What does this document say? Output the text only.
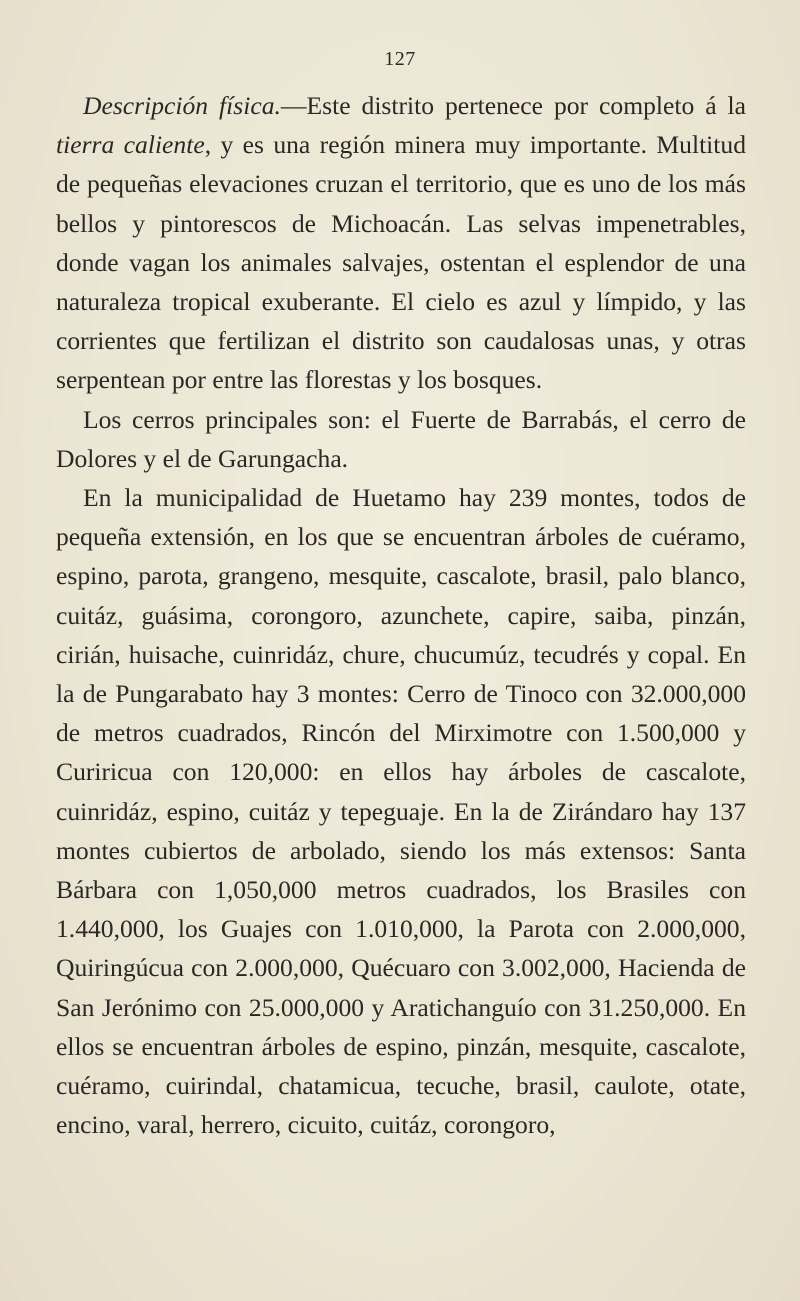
127

Descripción física.—Este distrito pertenece por completo á la tierra caliente, y es una región minera muy importante. Multitud de pequeñas elevaciones cruzan el territorio, que es uno de los más bellos y pintorescos de Michoacán. Las selvas impenetrables, donde vagan los animales salvajes, ostentan el esplendor de una naturaleza tropical exuberante. El cielo es azul y límpido, y las corrientes que fertilizan el distrito son caudalosas unas, y otras serpentean por entre las florestas y los bosques.

Los cerros principales son: el Fuerte de Barrabás, el cerro de Dolores y el de Garungacha.

En la municipalidad de Huetamo hay 239 montes, todos de pequeña extensión, en los que se encuentran árboles de cuéramo, espino, parota, grangeno, mesquite, cascalote, brasil, palo blanco, cuitáz, guásima, corongoro, azunchete, capire, saiba, pinzán, cirián, huisache, cuinridáz, chure, chucumúz, tecudrés y copal. En la de Pungarabato hay 3 montes: Cerro de Tinoco con 32.000,000 de metros cuadrados, Rincón del Mirximotre con 1.500,000 y Curiricua con 120,000: en ellos hay árboles de cascalote, cuinridáz, espino, cuitáz y tepeguaje. En la de Zirándaro hay 137 montes cubiertos de arbolado, siendo los más extensos: Santa Bárbara con 1,050,000 metros cuadrados, los Brasiles con 1.440,000, los Guajes con 1.010,000, la Parota con 2.000,000, Quiringúcua con 2.000,000, Quécuaro con 3.002,000, Hacienda de San Jerónimo con 25.000,000 y Aratichanguío con 31.250,000. En ellos se encuentran árboles de espino, pinzán, mesquite, cascalote, cuéramo, cuirindal, chatamicua, tecuche, brasil, caulote, otate, encino, varal, herrero, cicuito, cuitáz, corongoro,
